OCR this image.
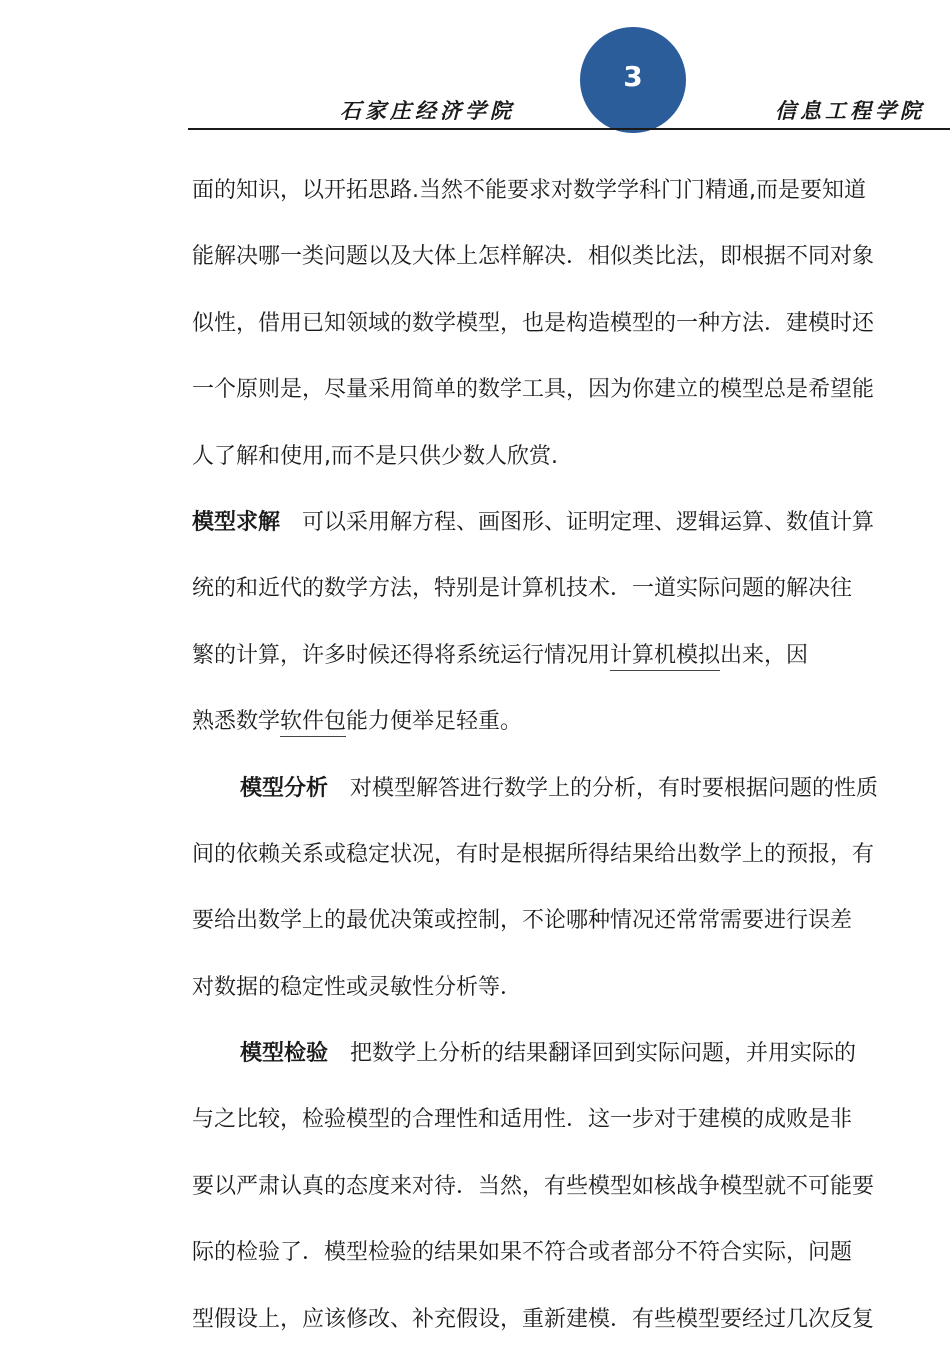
石家庄经济学院
3
信息工程学院
面的知识，以开拓思路.当然不能要求对数学学科门门精通,而是要知道
能解决哪一类问题以及大体上怎样解决．相似类比法，即根据不同对象
似性，借用已知领域的数学模型，也是构造模型的一种方法．建模时还
一个原则是，尽量采用简单的数学工具，因为你建立的模型总是希望能
人了解和使用,而不是只供少数人欣赏.
模型求解　可以采用解方程、画图形、证明定理、逻辑运算、数值计算
统的和近代的数学方法，特别是计算机技术．一道实际问题的解决往
繁的计算，许多时候还得将系统运行情况用计算机模拟出来，因
熟悉数学软件包能力便举足轻重。
模型分析　对模型解答进行数学上的分析，有时要根据问题的性质
间的依赖关系或稳定状况，有时是根据所得结果给出数学上的预报，有
要给出数学上的最优决策或控制，不论哪种情况还常常需要进行误差
对数据的稳定性或灵敏性分析等．
模型检验　把数学上分析的结果翻译回到实际问题，并用实际的
与之比较，检验模型的合理性和适用性．这一步对于建模的成败是非
要以严肃认真的态度来对待．当然，有些模型如核战争模型就不可能要
际的检验了．模型检验的结果如果不符合或者部分不符合实际，问题
型假设上，应该修改、补充假设，重新建模．有些模型要经过几次反复
